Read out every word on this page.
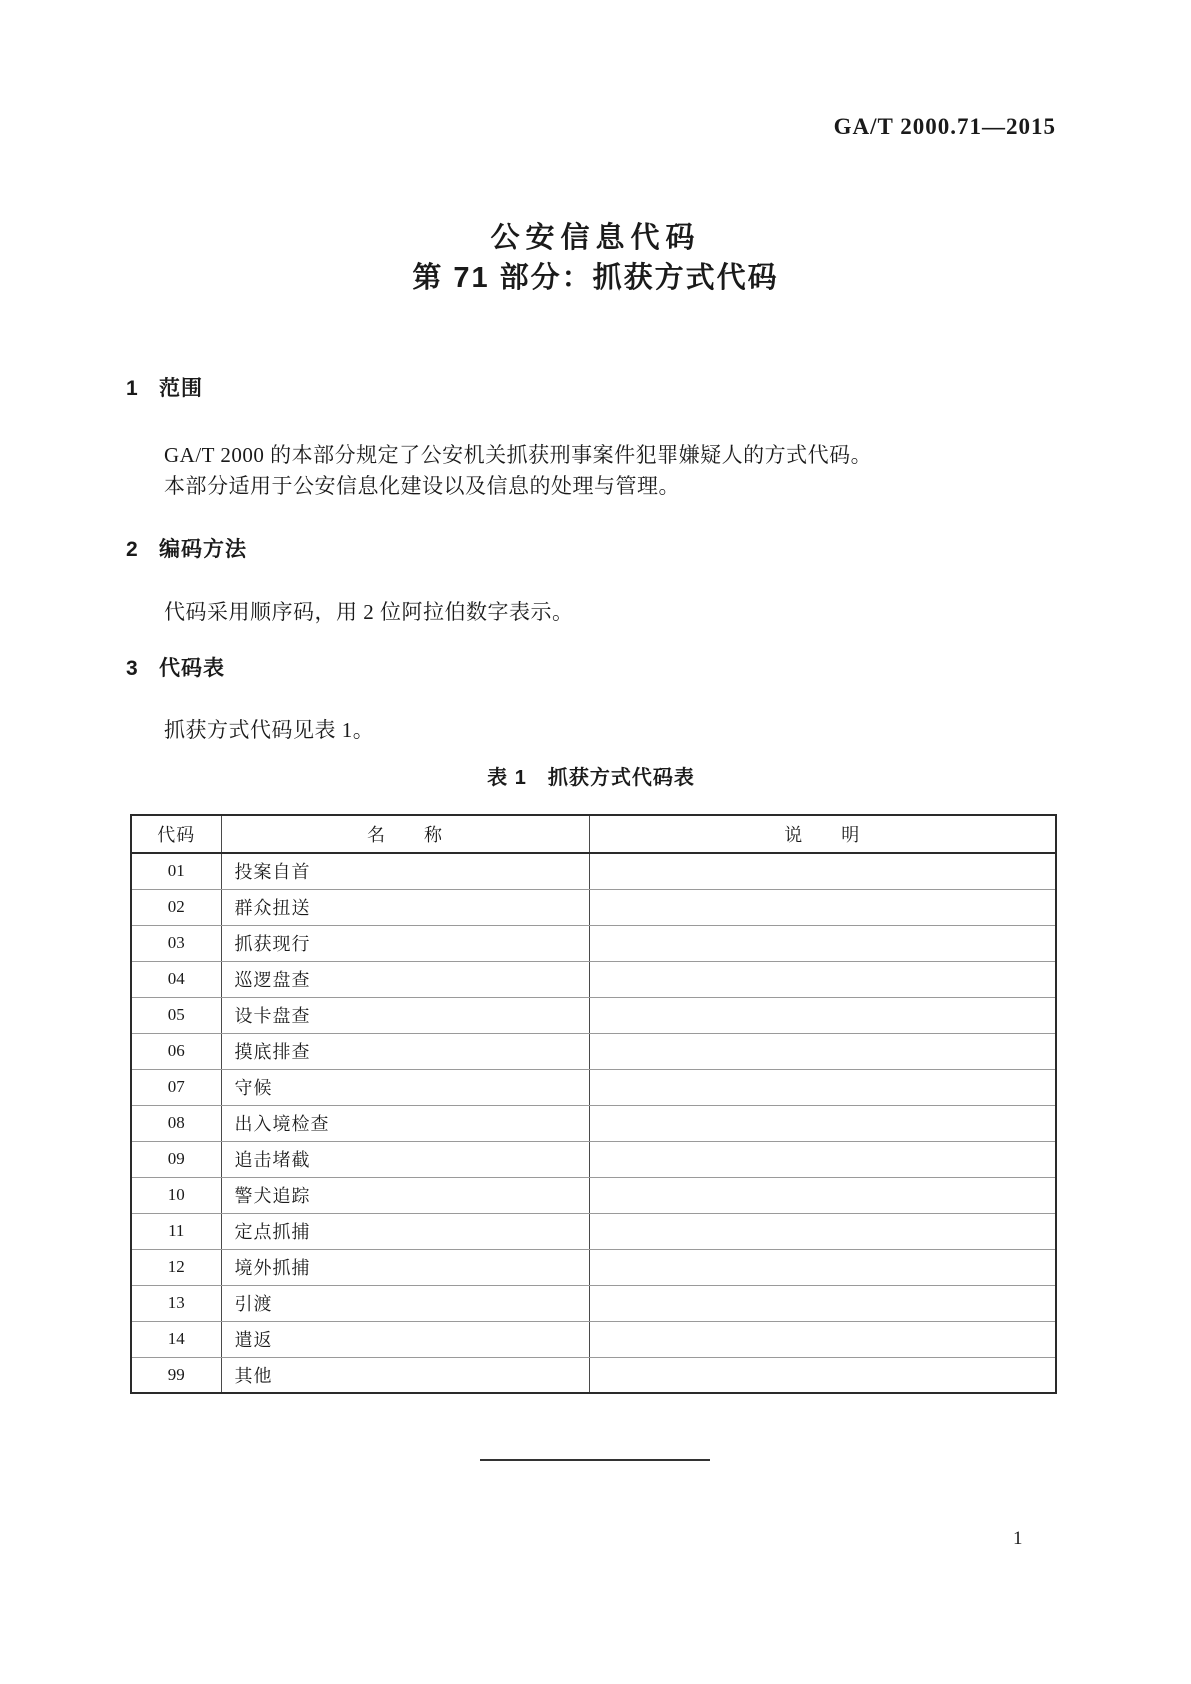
GA/T 2000.71—2015
公安信息代码
第 71 部分：抓获方式代码
1 范围
GA/T 2000 的本部分规定了公安机关抓获刑事案件犯罪嫌疑人的方式代码。
本部分适用于公安信息化建设以及信息的处理与管理。
2 编码方法
代码采用顺序码，用 2 位阿拉伯数字表示。
3 代码表
抓获方式代码见表 1。
表 1　抓获方式代码表
代码	名　　称	说　　明
01	投案自首	
02	群众扭送	
03	抓获现行	
04	巡逻盘查	
05	设卡盘查	
06	摸底排查	
07	守候	
08	出入境检查	
09	追击堵截	
10	警犬追踪	
11	定点抓捕	
12	境外抓捕	
13	引渡	
14	遣返	
99	其他	
1
